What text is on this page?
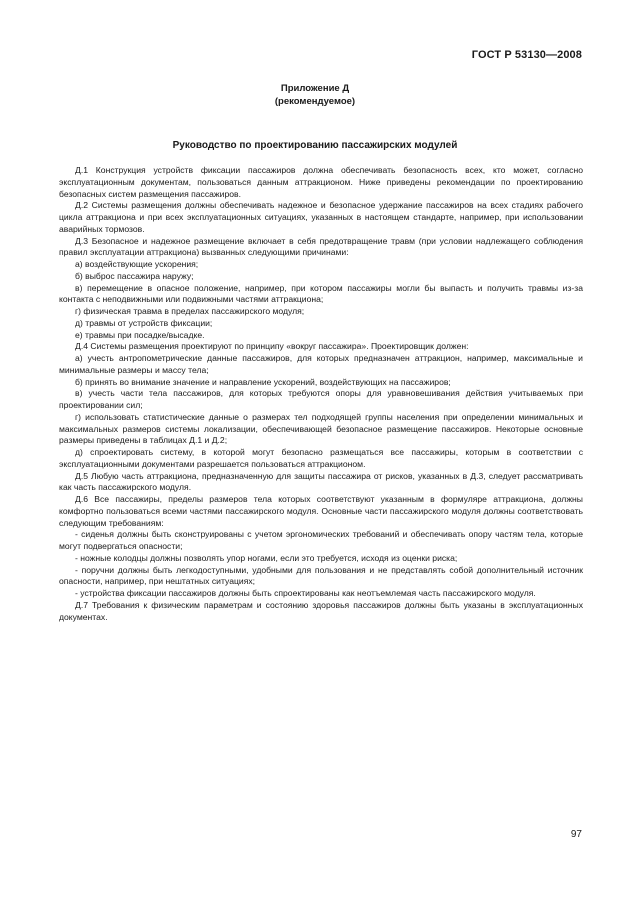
ГОСТ Р 53130—2008
Приложение Д
(рекомендуемое)
Руководство по проектированию пассажирских модулей

Д.1 Конструкция устройств фиксации пассажиров должна обеспечивать безопасность всех, кто может, согласно эксплуатационным документам, пользоваться данным аттракционом. Ниже приведены рекомендации по проектированию безопасных систем размещения пассажиров.

Д.2 Системы размещения должны обеспечивать надежное и безопасное удержание пассажиров на всех стадиях рабочего цикла аттракциона и при всех эксплуатационных ситуациях, указанных в настоящем стандарте, например, при использовании аварийных тормозов.

Д.3 Безопасное и надежное размещение включает в себя предотвращение травм (при условии надлежащего соблюдения правил эксплуатации аттракциона) вызванных следующими причинами:

а) воздействующие ускорения;

б) выброс пассажира наружу;

в) перемещение в опасное положение, например, при котором пассажиры могли бы выпасть и получить травмы из-за контакта с неподвижными или подвижными частями аттракциона;

г) физическая травма в пределах пассажирского модуля;

д) травмы от устройств фиксации;

е) травмы при посадке/высадке.

Д.4 Системы размещения проектируют по принципу «вокруг пассажира». Проектировщик должен:

а) учесть антропометрические данные пассажиров, для которых предназначен аттракцион, например, максимальные и минимальные размеры и массу тела;

б) принять во внимание значение и направление ускорений, воздействующих на пассажиров;

в) учесть части тела пассажиров, для которых требуются опоры для уравновешивания действия учитываемых при проектировании сил;

г) использовать статистические данные о размерах тел подходящей группы населения при определении минимальных и максимальных размеров системы локализации, обеспечивающей безопасное размещение пассажиров. Некоторые основные размеры приведены в таблицах Д.1 и Д.2;

д) спроектировать систему, в которой могут безопасно размещаться все пассажиры, которым в соответствии с эксплуатационными документами разрешается пользоваться аттракционом.

Д.5 Любую часть аттракциона, предназначенную для защиты пассажира от рисков, указанных в Д.3, следует рассматривать как часть пассажирского модуля.

Д.6 Все пассажиры, пределы размеров тела которых соответствуют указанным в формуляре аттракциона, должны комфортно пользоваться всеми частями пассажирского модуля. Основные части пассажирского модуля должны соответствовать следующим требованиям:

- сиденья должны быть сконструированы с учетом эргономических требований и обеспечивать опору частям тела, которые могут подвергаться опасности;

- ножные колодцы должны позволять упор ногами, если это требуется, исходя из оценки риска;

- поручни должны быть легкодоступными, удобными для пользования и не представлять собой дополнительный источник опасности, например, при нештатных ситуациях;

- устройства фиксации пассажиров должны быть спроектированы как неотъемлемая часть пассажирского модуля.

Д.7 Требования к физическим параметрам и состоянию здоровья пассажиров должны быть указаны в эксплуатационных документах.

97
